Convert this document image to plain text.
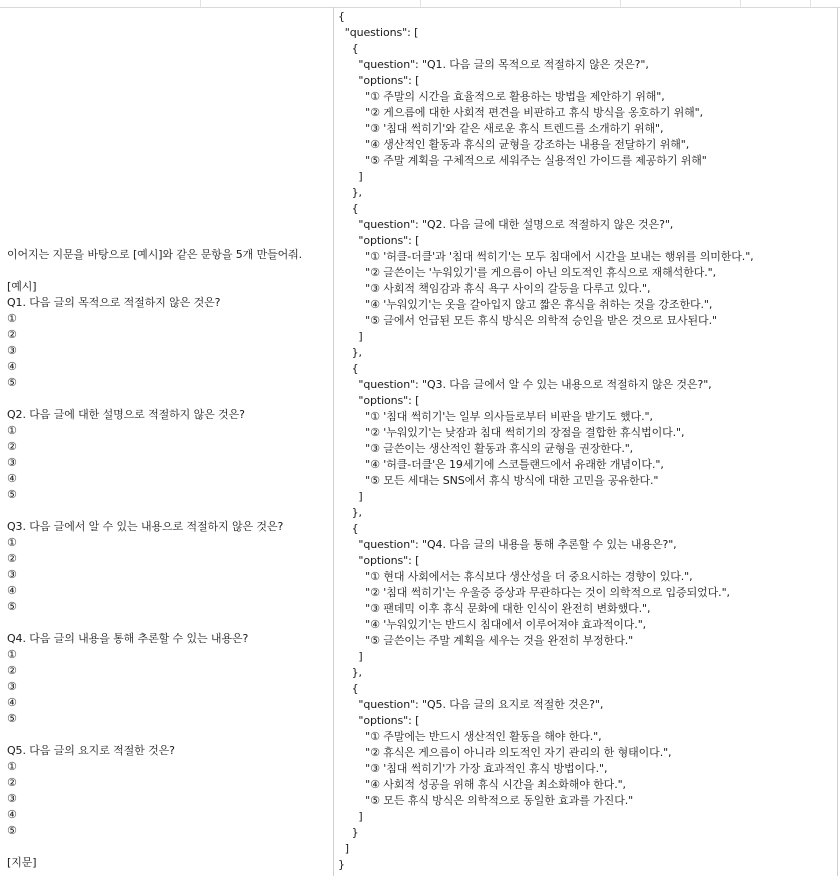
이어지는 지문을 바탕으로 [예시]와 같은 문항을 5개 만들어줘.
[예시]
Q1. 다음 글의 목적으로 적절하지 않은 것은?
①
②
③
④
⑤
Q2. 다음 글에 대한 설명으로 적절하지 않은 것은?
①
②
③
④
⑤
Q3. 다음 글에서 알 수 있는 내용으로 적절하지 않은 것은?
①
②
③
④
⑤
Q4. 다음 글의 내용을 통해 추론할 수 있는 내용은?
①
②
③
④
⑤
Q5. 다음 글의 요지로 적절한 것은?
①
②
③
④
⑤
[지문]
{
"questions": [
{
"question": "Q1. 다음 글의 목적으로 적절하지 않은 것은?",
"options": [
"① 주말의 시간을 효율적으로 활용하는 방법을 제안하기 위해",
"② 게으름에 대한 사회적 편견을 비판하고 휴식 방식을 옹호하기 위해",
"③ '침대 썩히기'와 같은 새로운 휴식 트렌드를 소개하기 위해",
"④ 생산적인 활동과 휴식의 균형을 강조하는 내용을 전달하기 위해",
"⑤ 주말 계획을 구체적으로 세워주는 실용적인 가이드를 제공하기 위해"
]
},
{
"question": "Q2. 다음 글에 대한 설명으로 적절하지 않은 것은?",
"options": [
"① '허클-더클'과 '침대 썩히기'는 모두 침대에서 시간을 보내는 행위를 의미한다.",
"② 글쓴이는 '누워있기'를 게으름이 아닌 의도적인 휴식으로 재해석한다.",
"③ 사회적 책임감과 휴식 욕구 사이의 갈등을 다루고 있다.",
"④ '누워있기'는 옷을 갈아입지 않고 짧은 휴식을 취하는 것을 강조한다.",
"⑤ 글에서 언급된 모든 휴식 방식은 의학적 승인을 받은 것으로 묘사된다."
]
},
{
"question": "Q3. 다음 글에서 알 수 있는 내용으로 적절하지 않은 것은?",
"options": [
"① '침대 썩히기'는 일부 의사들로부터 비판을 받기도 했다.",
"② '누워있기'는 낮잠과 침대 썩히기의 장점을 결합한 휴식법이다.",
"③ 글쓴이는 생산적인 활동과 휴식의 균형을 권장한다.",
"④ '허클-더클'은 19세기에 스코틀랜드에서 유래한 개념이다.",
"⑤ 모든 세대는 SNS에서 휴식 방식에 대한 고민을 공유한다."
]
},
{
"question": "Q4. 다음 글의 내용을 통해 추론할 수 있는 내용은?",
"options": [
"① 현대 사회에서는 휴식보다 생산성을 더 중요시하는 경향이 있다.",
"② '침대 썩히기'는 우울증 증상과 무관하다는 것이 의학적으로 입증되었다.",
"③ 팬데믹 이후 휴식 문화에 대한 인식이 완전히 변화했다.",
"④ '누워있기'는 반드시 침대에서 이루어져야 효과적이다.",
"⑤ 글쓴이는 주말 계획을 세우는 것을 완전히 부정한다."
]
},
{
"question": "Q5. 다음 글의 요지로 적절한 것은?",
"options": [
"① 주말에는 반드시 생산적인 활동을 해야 한다.",
"② 휴식은 게으름이 아니라 의도적인 자기 관리의 한 형태이다.",
"③ '침대 썩히기'가 가장 효과적인 휴식 방법이다.",
"④ 사회적 성공을 위해 휴식 시간을 최소화해야 한다.",
"⑤ 모든 휴식 방식은 의학적으로 동일한 효과를 가진다."
]
}
]
}
